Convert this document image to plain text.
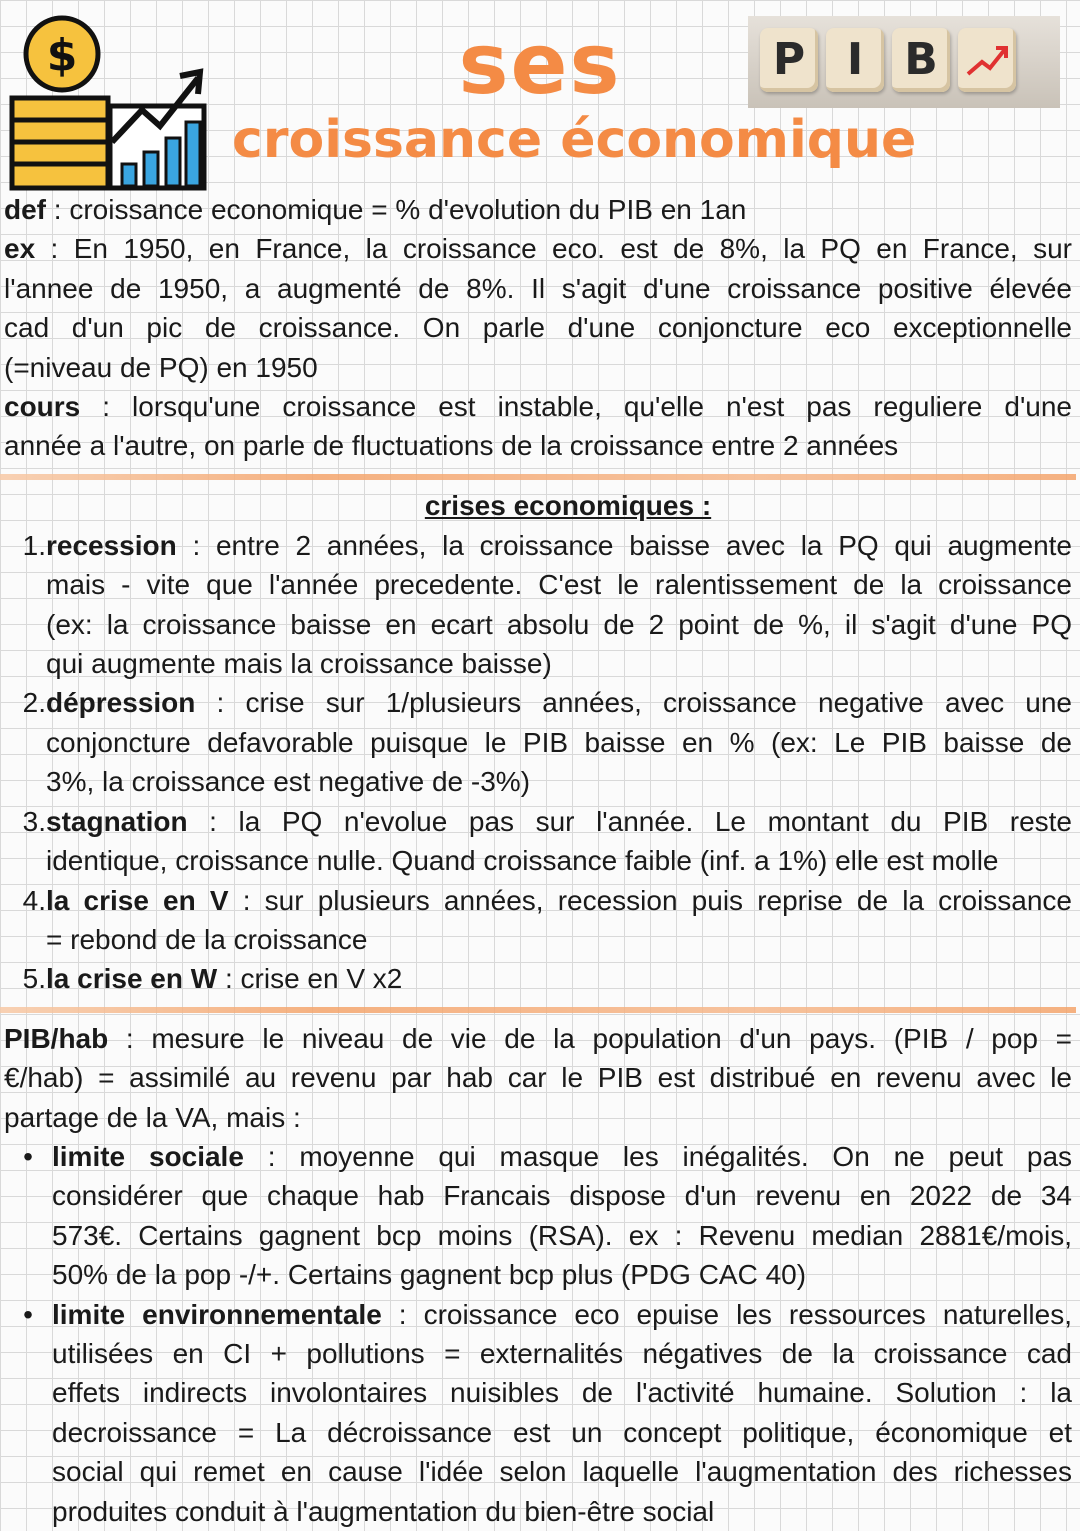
$	ses
croissance économique
P I B
def : croissance economique = % d'evolution du PIB en 1an
ex : En 1950, en France, la croissance eco. est de 8%, la PQ en France, sur
l'annee de 1950, a augmenté de 8%. Il s'agit d'une croissance positive élevée
cad d'un pic de croissance. On parle d'une conjoncture eco exceptionnelle
(=niveau de PQ) en 1950
cours : lorsqu'une croissance est instable, qu'elle n'est pas reguliere d'une
année a l'autre, on parle de fluctuations de la croissance entre 2 années
crises economiques :
1. recession : entre 2 années, la croissance baisse avec la PQ qui augmente
mais - vite que l'année precedente. C'est le ralentissement de la croissance
(ex: la croissance baisse en ecart absolu de 2 point de %, il s'agit d'une PQ
qui augmente mais la croissance baisse)
2. dépression : crise sur 1/plusieurs années, croissance negative avec une
conjoncture defavorable puisque le PIB baisse en % (ex: Le PIB baisse de
3%, la croissance est negative de -3%)
3. stagnation : la PQ n'evolue pas sur l'année. Le montant du PIB reste
identique, croissance nulle. Quand croissance faible (inf. a 1%) elle est molle
4. la crise en V : sur plusieurs années, recession puis reprise de la croissance
= rebond de la croissance
5. la crise en W : crise en V x2
PIB/hab : mesure le niveau de vie de la population d'un pays. (PIB / pop =
€/hab) = assimilé au revenu par hab car le PIB est distribué en revenu avec le
partage de la VA, mais :
• limite sociale : moyenne qui masque les inégalités. On ne peut pas
considérer que chaque hab Francais dispose d'un revenu en 2022 de 34
573€. Certains gagnent bcp moins (RSA). ex : Revenu median 2881€/mois,
50% de la pop -/+. Certains gagnent bcp plus (PDG CAC 40)
• limite environnementale : croissance eco epuise les ressources naturelles,
utilisées en CI + pollutions = externalités négatives de la croissance cad
effets indirects involontaires nuisibles de l'activité humaine. Solution : la
decroissance = La décroissance est un concept politique, économique et
social qui remet en cause l'idée selon laquelle l'augmentation des richesses
produites conduit à l'augmentation du bien-être social
